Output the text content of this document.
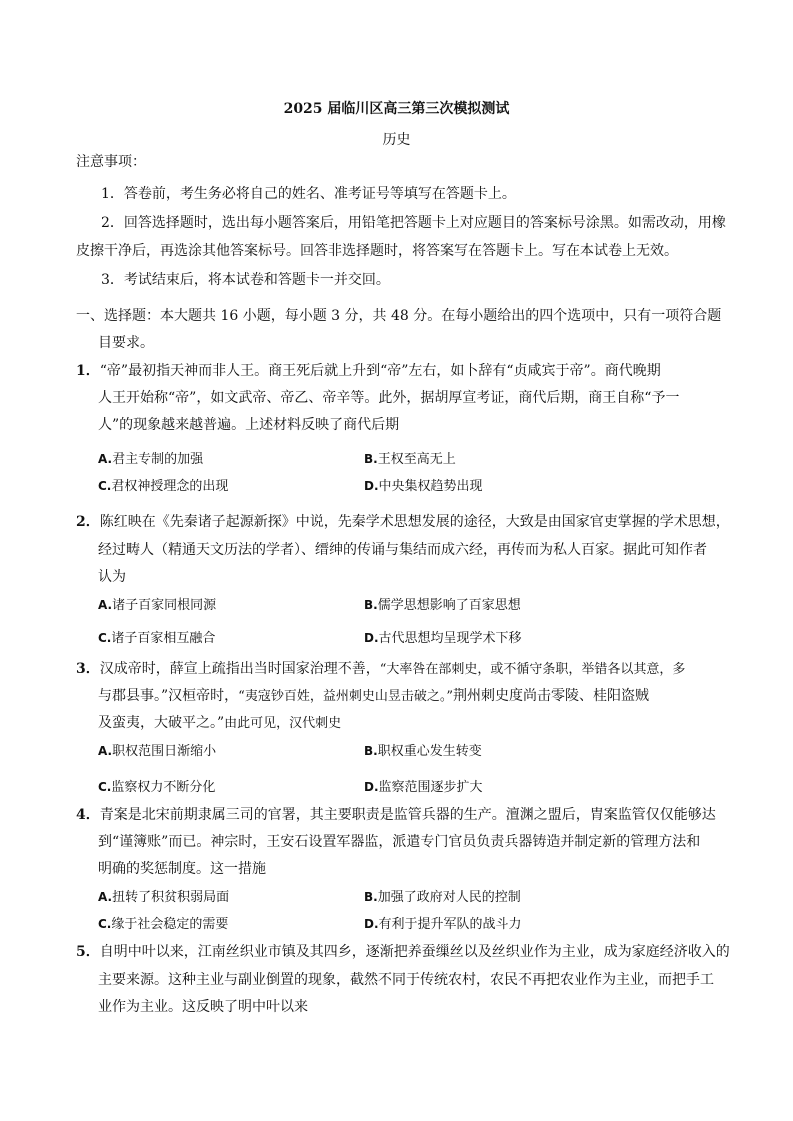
2025 届临川区高三第三次模拟测试
历史
注意事项：
1．答卷前，考生务必将自己的姓名、准考证号等填写在答题卡上。
2．回答选择题时，选出每小题答案后，用铅笔把答题卡上对应题目的答案标号涂黑。如需改动，用橡
皮擦干净后，再选涂其他答案标号。回答非选择题时，将答案写在答题卡上。写在本试卷上无效。
3．考试结束后，将本试卷和答题卡一并交回。
一、选择题：本大题共 16 小题，每小题 3 分，共 48 分。在每小题给出的四个选项中，只有一项符合题
目要求。
1．“帝”最初指天神而非人王。商王死后就上升到“帝”左右，如卜辞有“贞咸宾于帝”。商代晚期
人王开始称“帝”，如文武帝、帝乙、帝辛等。此外，据胡厚宣考证，商代后期，商王自称“予一
人”的现象越来越普遍。上述材料反映了商代后期
A.君主专制的加强	B.王权至高无上
C.君权神授理念的出现	D.中央集权趋势出现
2．陈红映在《先秦诸子起源新探》中说，先秦学术思想发展的途径，大致是由国家官吏掌握的学术思想，
经过畴人（精通天文历法的学者）、缙绅的传诵与集结而成六经，再传而为私人百家。据此可知作者
认为
A.诸子百家同根同源	B.儒学思想影响了百家思想
C.诸子百家相互融合	D.古代思想均呈现学术下移
3．汉成帝时，薛宣上疏指出当时国家治理不善，“大率咎在部刺史，或不循守条职，举错各以其意，多
与郡县事。”汉桓帝时，“夷寇钞百姓，益州刺史山昱击破之。”荆州刺史度尚击零陵、桂阳盗贼
及蛮夷，大破平之。”由此可见，汉代刺史
A.职权范围日渐缩小	B.职权重心发生转变
C.监察权力不断分化	D.监察范围逐步扩大
4．青案是北宋前期隶属三司的官署，其主要职责是监管兵器的生产。澶渊之盟后，胄案监管仅仅能够达
到“谨簿账”而已。神宗时，王安石设置军器监，派遣专门官员负责兵器铸造并制定新的管理方法和
明确的奖惩制度。这一措施
A.扭转了积贫积弱局面	B.加强了政府对人民的控制
C.缘于社会稳定的需要	D.有利于提升军队的战斗力
5．自明中叶以来，江南丝织业市镇及其四乡，逐渐把养蚕缫丝以及丝织业作为主业，成为家庭经济收入的
主要来源。这种主业与副业倒置的现象，截然不同于传统农村，农民不再把农业作为主业，而把手工
业作为主业。这反映了明中叶以来
